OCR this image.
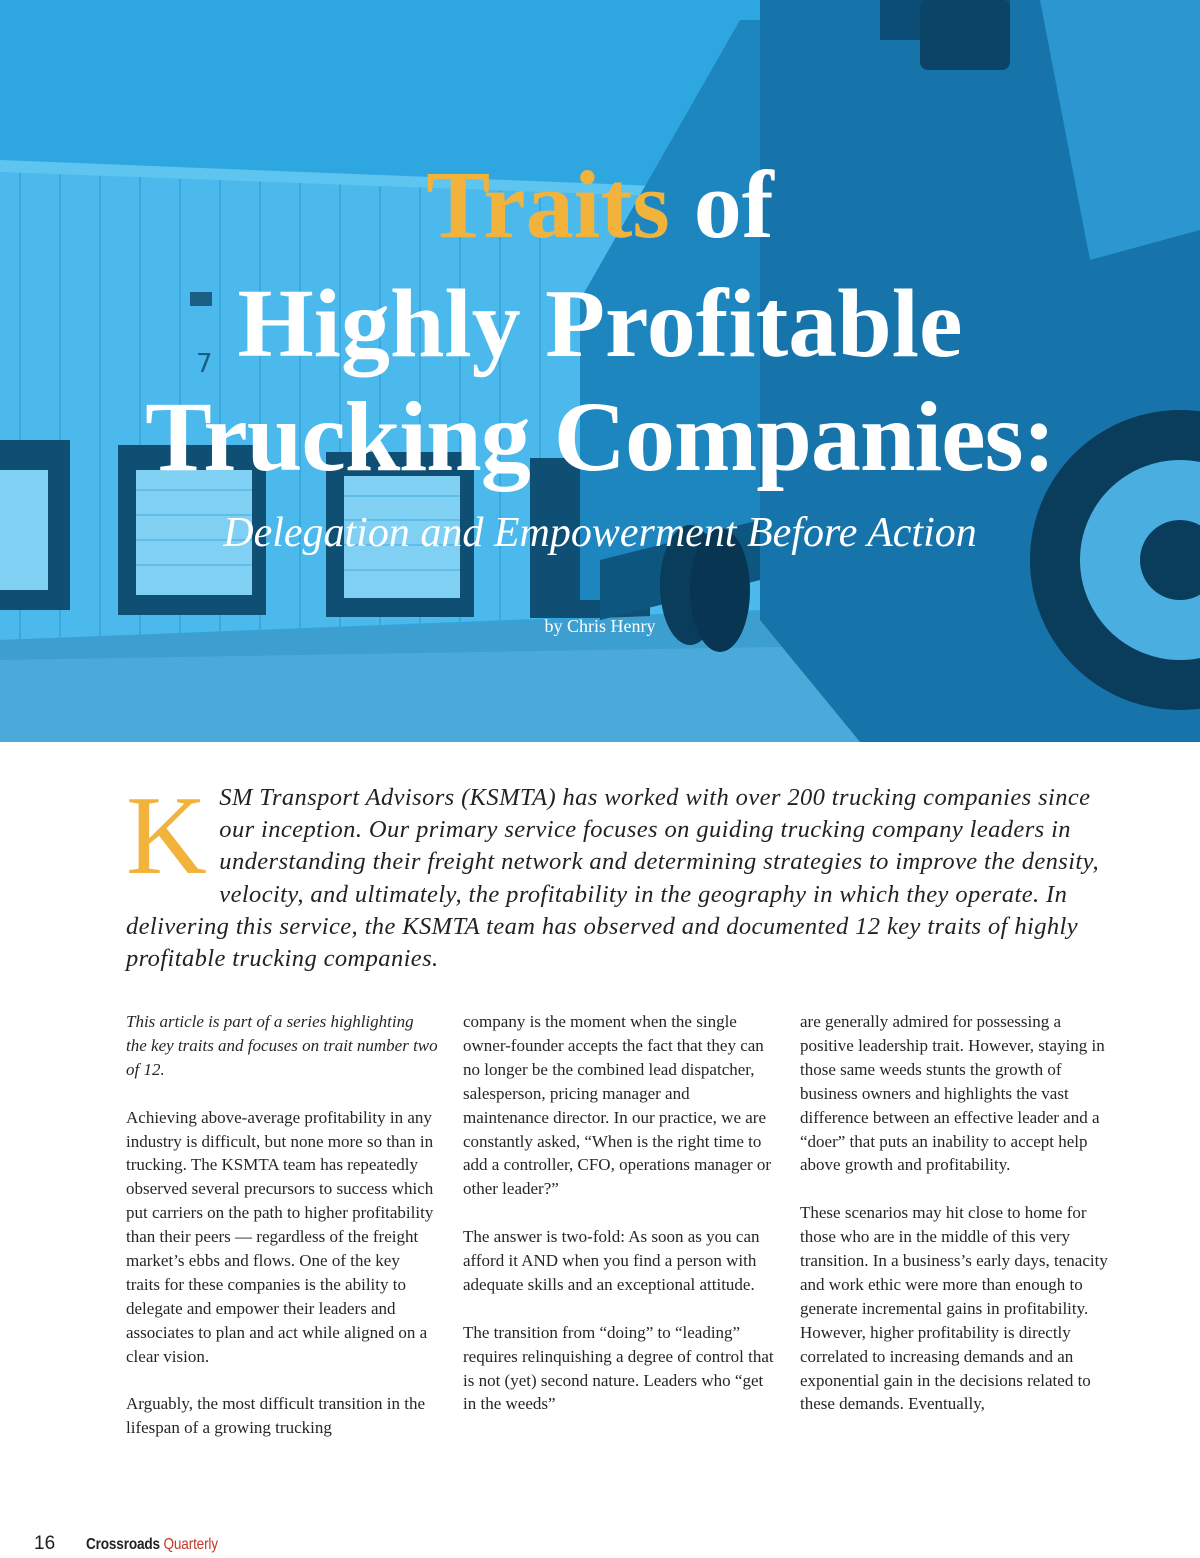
7
Traits of
Highly Profitable
Trucking Companies:
Delegation and Empowerment Before Action
by Chris Henry
KSM Transport Advisors (KSMTA) has worked with over 200 trucking companies since our inception. Our primary service focuses on guiding trucking company leaders in understanding their freight network and determining strategies to improve the density, velocity, and ultimately, the profitability in the geography in which they operate. In delivering this service, the KSMTA team has observed and documented 12 key traits of highly profitable trucking companies.

This article is part of a series highlighting the key traits and focuses on trait number two of 12.

Achieving above-average profitability in any industry is difficult, but none more so than in trucking. The KSMTA team has repeatedly observed several precursors to success which put carriers on the path to higher profitability than their peers — regardless of the freight market’s ebbs and flows. One of the key traits for these companies is the ability to delegate and empower their leaders and associates to plan and act while aligned on a clear vision.

Arguably, the most difficult transition in the lifespan of a growing trucking

company is the moment when the single owner-founder accepts the fact that they can no longer be the combined lead dispatcher, salesperson, pricing manager and maintenance director. In our practice, we are constantly asked, “When is the right time to add a controller, CFO, operations manager or other leader?”

The answer is two-fold: As soon as you can afford it AND when you find a person with adequate skills and an exceptional attitude.

The transition from “doing” to “leading” requires relinquishing a degree of control that is not (yet) second nature. Leaders who “get in the weeds”

are generally admired for possessing a positive leadership trait. However, staying in those same weeds stunts the growth of business owners and highlights the vast difference between an effective leader and a “doer” that puts an inability to accept help above growth and profitability.

These scenarios may hit close to home for those who are in the middle of this very transition. In a business’s early days, tenacity and work ethic were more than enough to generate incremental gains in profitability. However, higher profitability is directly correlated to increasing demands and an exponential gain in the decisions related to these demands. Eventually,

16 Crossroads Quarterly
